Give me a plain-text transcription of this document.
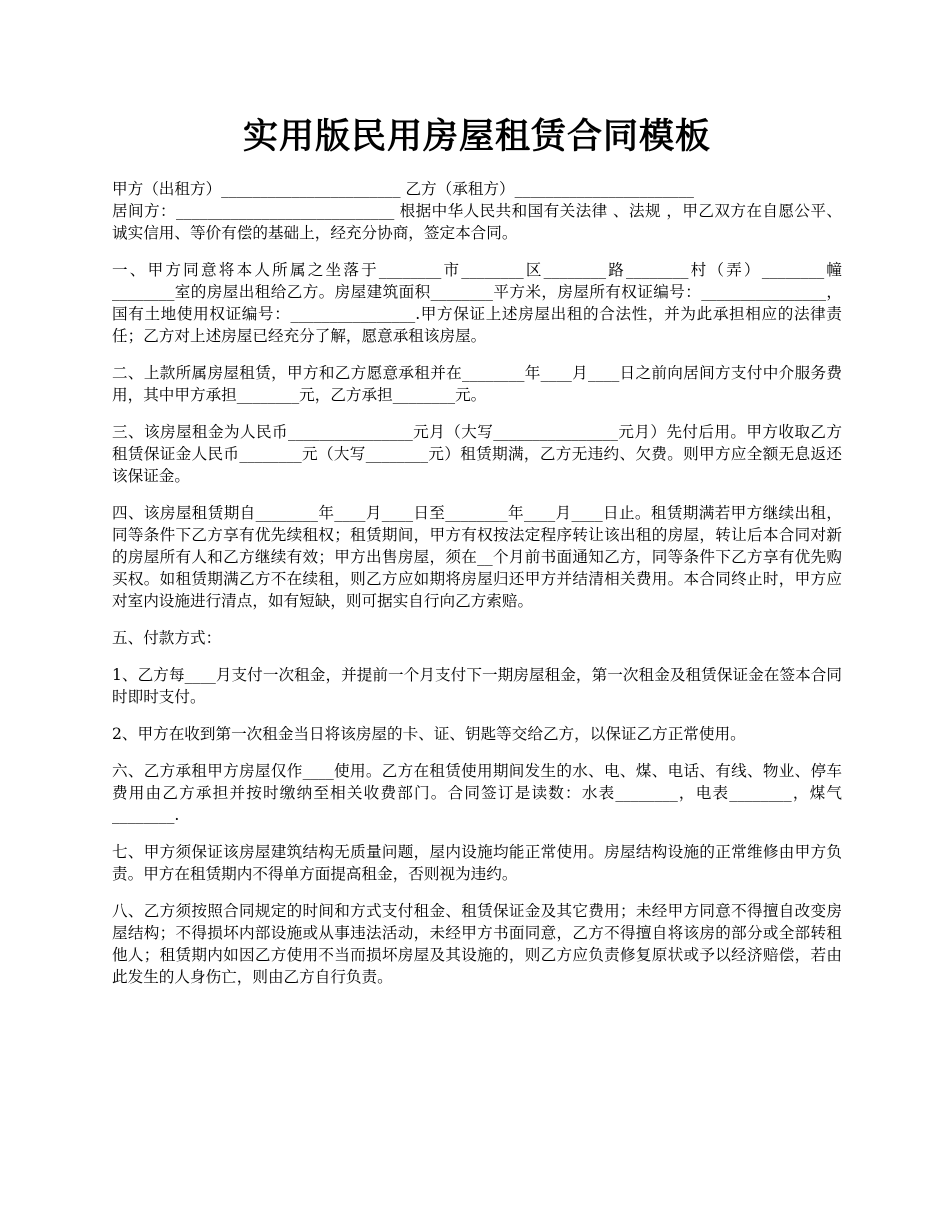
实用版民用房屋租赁合同模板

甲方（出租方）_______________________ 乙方（承租方）_______________________

居间方：____________________________ 根据中华人民共和国有关法律 、法规 ，甲乙双方在自愿公平、诚实信用、等价有偿的基础上，经充分协商，签定本合同。

一、甲方同意将本人所属之坐落于________市________区________路________村（弄）________幢________室的房屋出租给乙方。房屋建筑面积________平方米，房屋所有权证编号：________________，国有土地使用权证编号：________________.甲方保证上述房屋出租的合法性，并为此承担相应的法律责任；乙方对上述房屋已经充分了解，愿意承租该房屋。

二、上款所属房屋租赁，甲方和乙方愿意承租并在________年____月____日之前向居间方支付中介服务费用，其中甲方承担________元，乙方承担________元。

三、该房屋租金为人民币________________元月（大写________________元月）先付后用。甲方收取乙方租赁保证金人民币________元（大写________元）租赁期满，乙方无违约、欠费。则甲方应全额无息返还该保证金。

四、该房屋租赁期自________年____月____日至________年____月____日止。租赁期满若甲方继续出租，同等条件下乙方享有优先续租权；租赁期间，甲方有权按法定程序转让该出租的房屋，转让后本合同对新的房屋所有人和乙方继续有效；甲方出售房屋，须在__个月前书面通知乙方，同等条件下乙方享有优先购买权。如租赁期满乙方不在续租，则乙方应如期将房屋归还甲方并结清相关费用。本合同终止时，甲方应对室内设施进行清点，如有短缺，则可据实自行向乙方索赔。

五、付款方式：

1、乙方每____月支付一次租金，并提前一个月支付下一期房屋租金，第一次租金及租赁保证金在签本合同时即时支付。

2、甲方在收到第一次租金当日将该房屋的卡、证、钥匙等交给乙方，以保证乙方正常使用。

六、乙方承租甲方房屋仅作____使用。乙方在租赁使用期间发生的水、电、煤、电话、有线、物业、停车费用由乙方承担并按时缴纳至相关收费部门。合同签订是读数：水表________，电表________，煤气________.

七、甲方须保证该房屋建筑结构无质量问题，屋内设施均能正常使用。房屋结构设施的正常维修由甲方负责。甲方在租赁期内不得单方面提高租金，否则视为违约。

八、乙方须按照合同规定的时间和方式支付租金、租赁保证金及其它费用；未经甲方同意不得擅自改变房屋结构；不得损坏内部设施或从事违法活动，未经甲方书面同意，乙方不得擅自将该房的部分或全部转租他人；租赁期内如因乙方使用不当而损坏房屋及其设施的，则乙方应负责修复原状或予以经济赔偿，若由此发生的人身伤亡，则由乙方自行负责。
